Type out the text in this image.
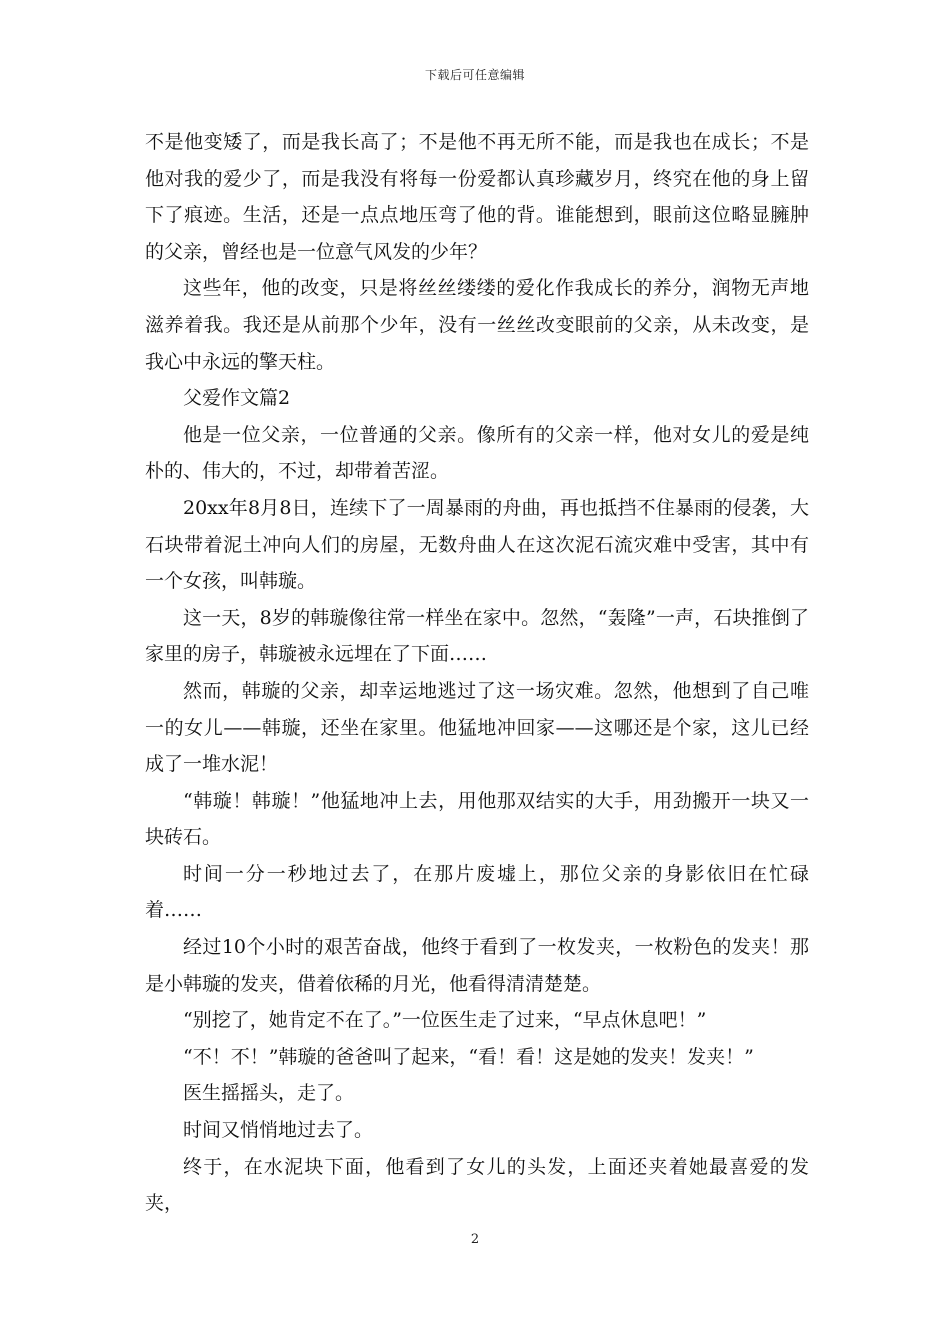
下载后可任意编辑

不是他变矮了，而是我长高了；不是他不再无所不能，而是我也在成长；不是他对我的爱少了，而是我没有将每一份爱都认真珍藏岁月，终究在他的身上留下了痕迹。生活，还是一点点地压弯了他的背。谁能想到，眼前这位略显臃肿的父亲，曾经也是一位意气风发的少年？

这些年，他的改变，只是将丝丝缕缕的爱化作我成长的养分，润物无声地滋养着我。我还是从前那个少年，没有一丝丝改变眼前的父亲，从未改变，是我心中永远的擎天柱。

父爱作文篇2

他是一位父亲，一位普通的父亲。像所有的父亲一样，他对女儿的爱是纯朴的、伟大的，不过，却带着苦涩。

20xx年8月8日，连续下了一周暴雨的舟曲，再也抵挡不住暴雨的侵袭，大石块带着泥土冲向人们的房屋，无数舟曲人在这次泥石流灾难中受害，其中有一个女孩，叫韩璇。

这一天，8岁的韩璇像往常一样坐在家中。忽然，“轰隆”一声，石块推倒了家里的房子，韩璇被永远埋在了下面……

然而，韩璇的父亲，却幸运地逃过了这一场灾难。忽然，他想到了自己唯一的女儿——韩璇，还坐在家里。他猛地冲回家——这哪还是个家，这儿已经成了一堆水泥！

“韩璇！韩璇！”他猛地冲上去，用他那双结实的大手，用劲搬开一块又一块砖石。

时间一分一秒地过去了，在那片废墟上，那位父亲的身影依旧在忙碌着……

经过10个小时的艰苦奋战，他终于看到了一枚发夹，一枚粉色的发夹！那是小韩璇的发夹，借着依稀的月光，他看得清清楚楚。

“别挖了，她肯定不在了。”一位医生走了过来，“早点休息吧！”

“不！不！”韩璇的爸爸叫了起来，“看！看！这是她的发夹！发夹！”

医生摇摇头，走了。

时间又悄悄地过去了。

终于，在水泥块下面，他看到了女儿的头发，上面还夹着她最喜爱的发夹，

2
